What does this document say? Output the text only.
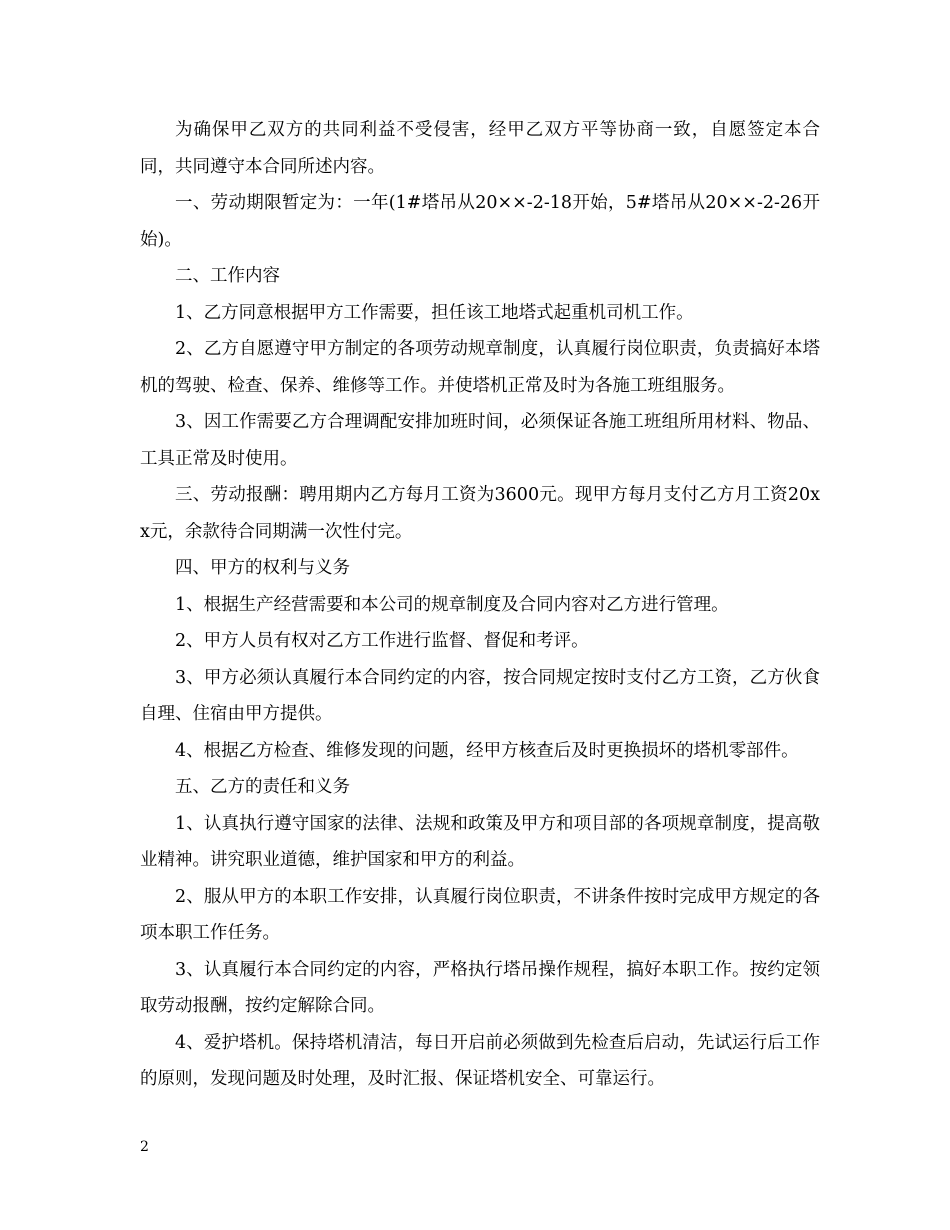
为确保甲乙双方的共同利益不受侵害，经甲乙双方平等协商一致，自愿签定本合同，共同遵守本合同所述内容。

一、劳动期限暂定为：一年(1#塔吊从20××-2-18开始，5#塔吊从20××-2-26开始)。

二、工作内容

1、乙方同意根据甲方工作需要，担任该工地塔式起重机司机工作。

2、乙方自愿遵守甲方制定的各项劳动规章制度，认真履行岗位职责，负责搞好本塔机的驾驶、检查、保养、维修等工作。并使塔机正常及时为各施工班组服务。

3、因工作需要乙方合理调配安排加班时间，必须保证各施工班组所用材料、物品、工具正常及时使用。

三、劳动报酬：聘用期内乙方每月工资为3600元。现甲方每月支付乙方月工资20xx元，余款待合同期满一次性付完。

四、甲方的权利与义务

1、根据生产经营需要和本公司的规章制度及合同内容对乙方进行管理。

2、甲方人员有权对乙方工作进行监督、督促和考评。

3、甲方必须认真履行本合同约定的内容，按合同规定按时支付乙方工资，乙方伙食自理、住宿由甲方提供。

4、根据乙方检查、维修发现的问题，经甲方核查后及时更换损坏的塔机零部件。

五、乙方的责任和义务

1、认真执行遵守国家的法律、法规和政策及甲方和项目部的各项规章制度，提高敬业精神。讲究职业道德，维护国家和甲方的利益。

2、服从甲方的本职工作安排，认真履行岗位职责，不讲条件按时完成甲方规定的各项本职工作任务。

3、认真履行本合同约定的内容，严格执行塔吊操作规程，搞好本职工作。按约定领取劳动报酬，按约定解除合同。

4、爱护塔机。保持塔机清洁，每日开启前必须做到先检查后启动，先试运行后工作的原则，发现问题及时处理，及时汇报、保证塔机安全、可靠运行。

2
